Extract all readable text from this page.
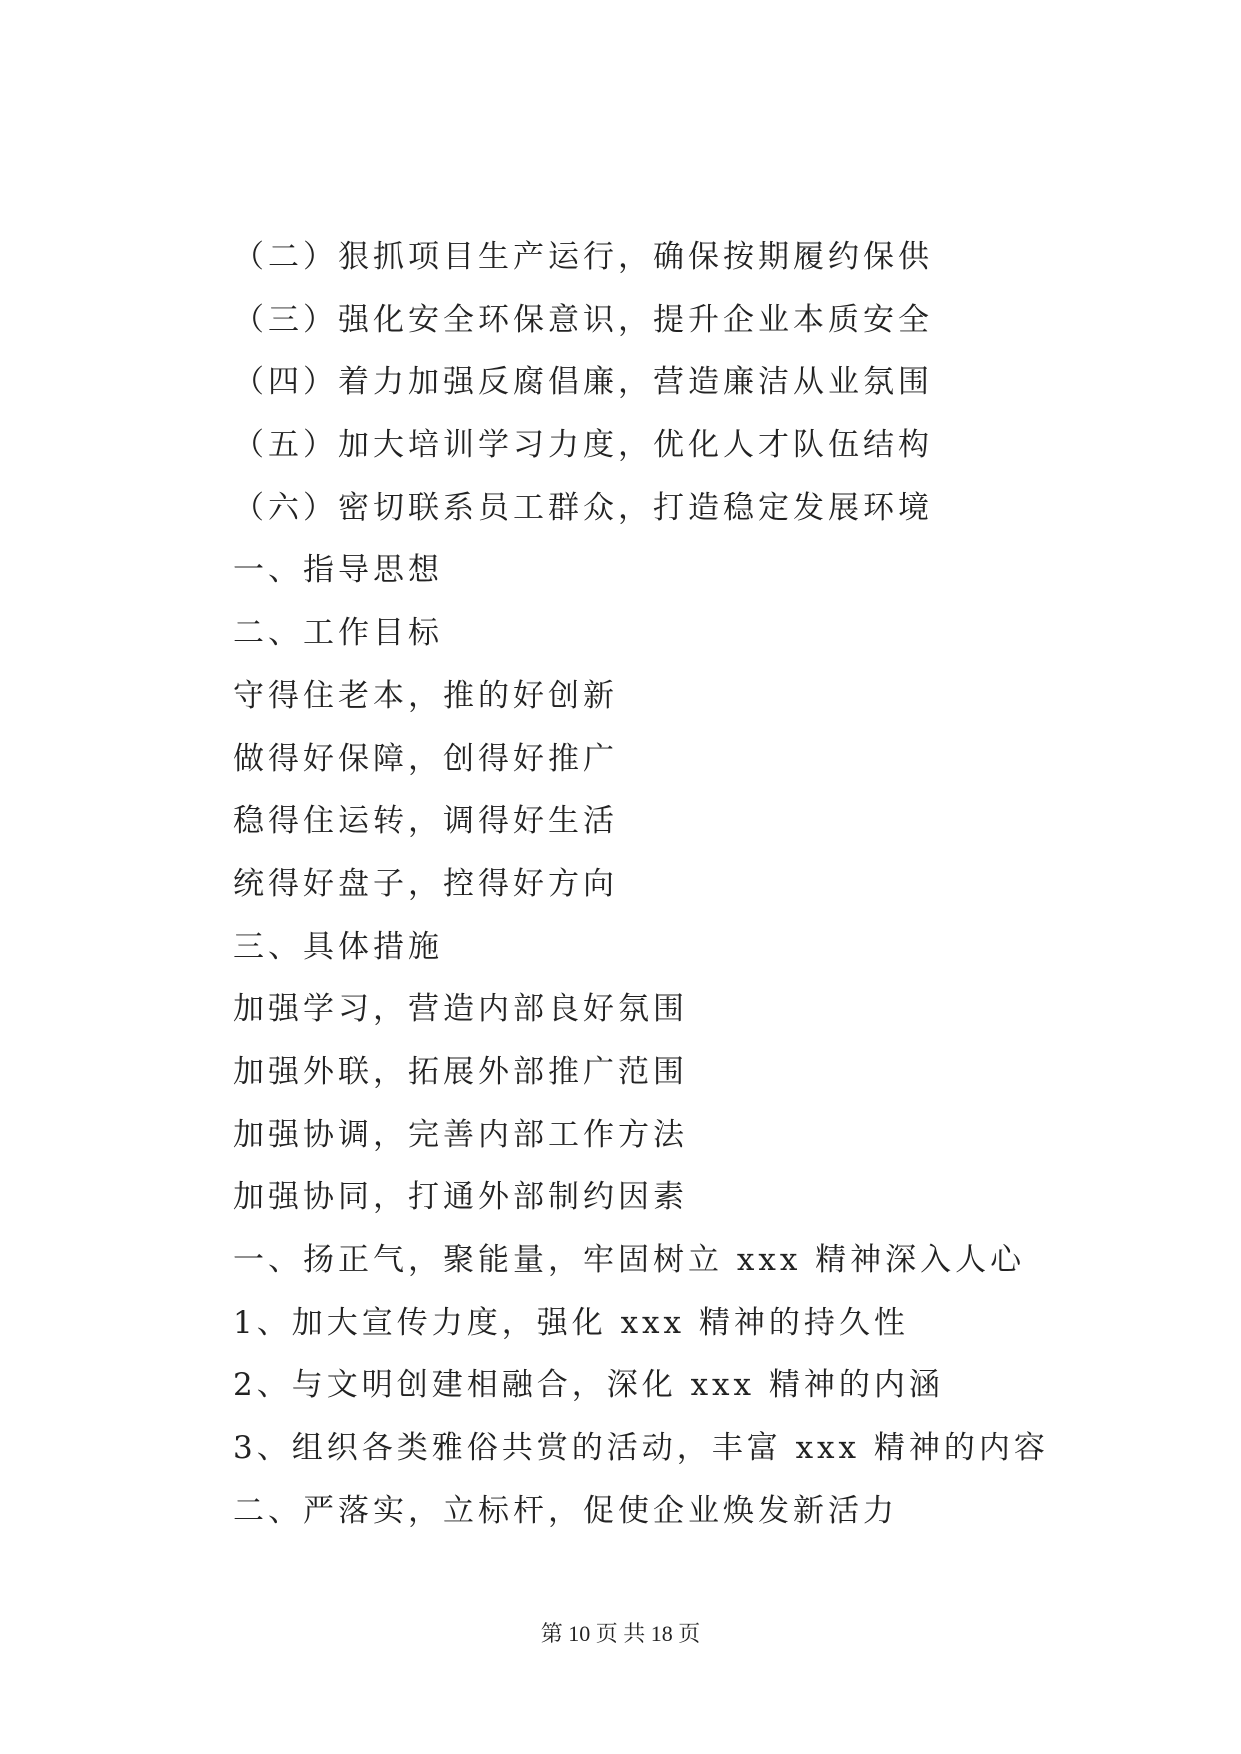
（二）狠抓项目生产运行，确保按期履约保供
（三）强化安全环保意识，提升企业本质安全
（四）着力加强反腐倡廉，营造廉洁从业氛围
（五）加大培训学习力度，优化人才队伍结构
（六）密切联系员工群众，打造稳定发展环境
一、指导思想
二、工作目标
守得住老本，推的好创新
做得好保障，创得好推广
稳得住运转，调得好生活
统得好盘子，控得好方向
三、具体措施
加强学习，营造内部良好氛围
加强外联，拓展外部推广范围
加强协调，完善内部工作方法
加强协同，打通外部制约因素
一、扬正气，聚能量，牢固树立 xxx 精神深入人心
1、加大宣传力度，强化 xxx 精神的持久性
2、与文明创建相融合，深化 xxx 精神的内涵
3、组织各类雅俗共赏的活动，丰富 xxx 精神的内容
二、严落实，立标杆，促使企业焕发新活力
第 10 页 共 18 页
